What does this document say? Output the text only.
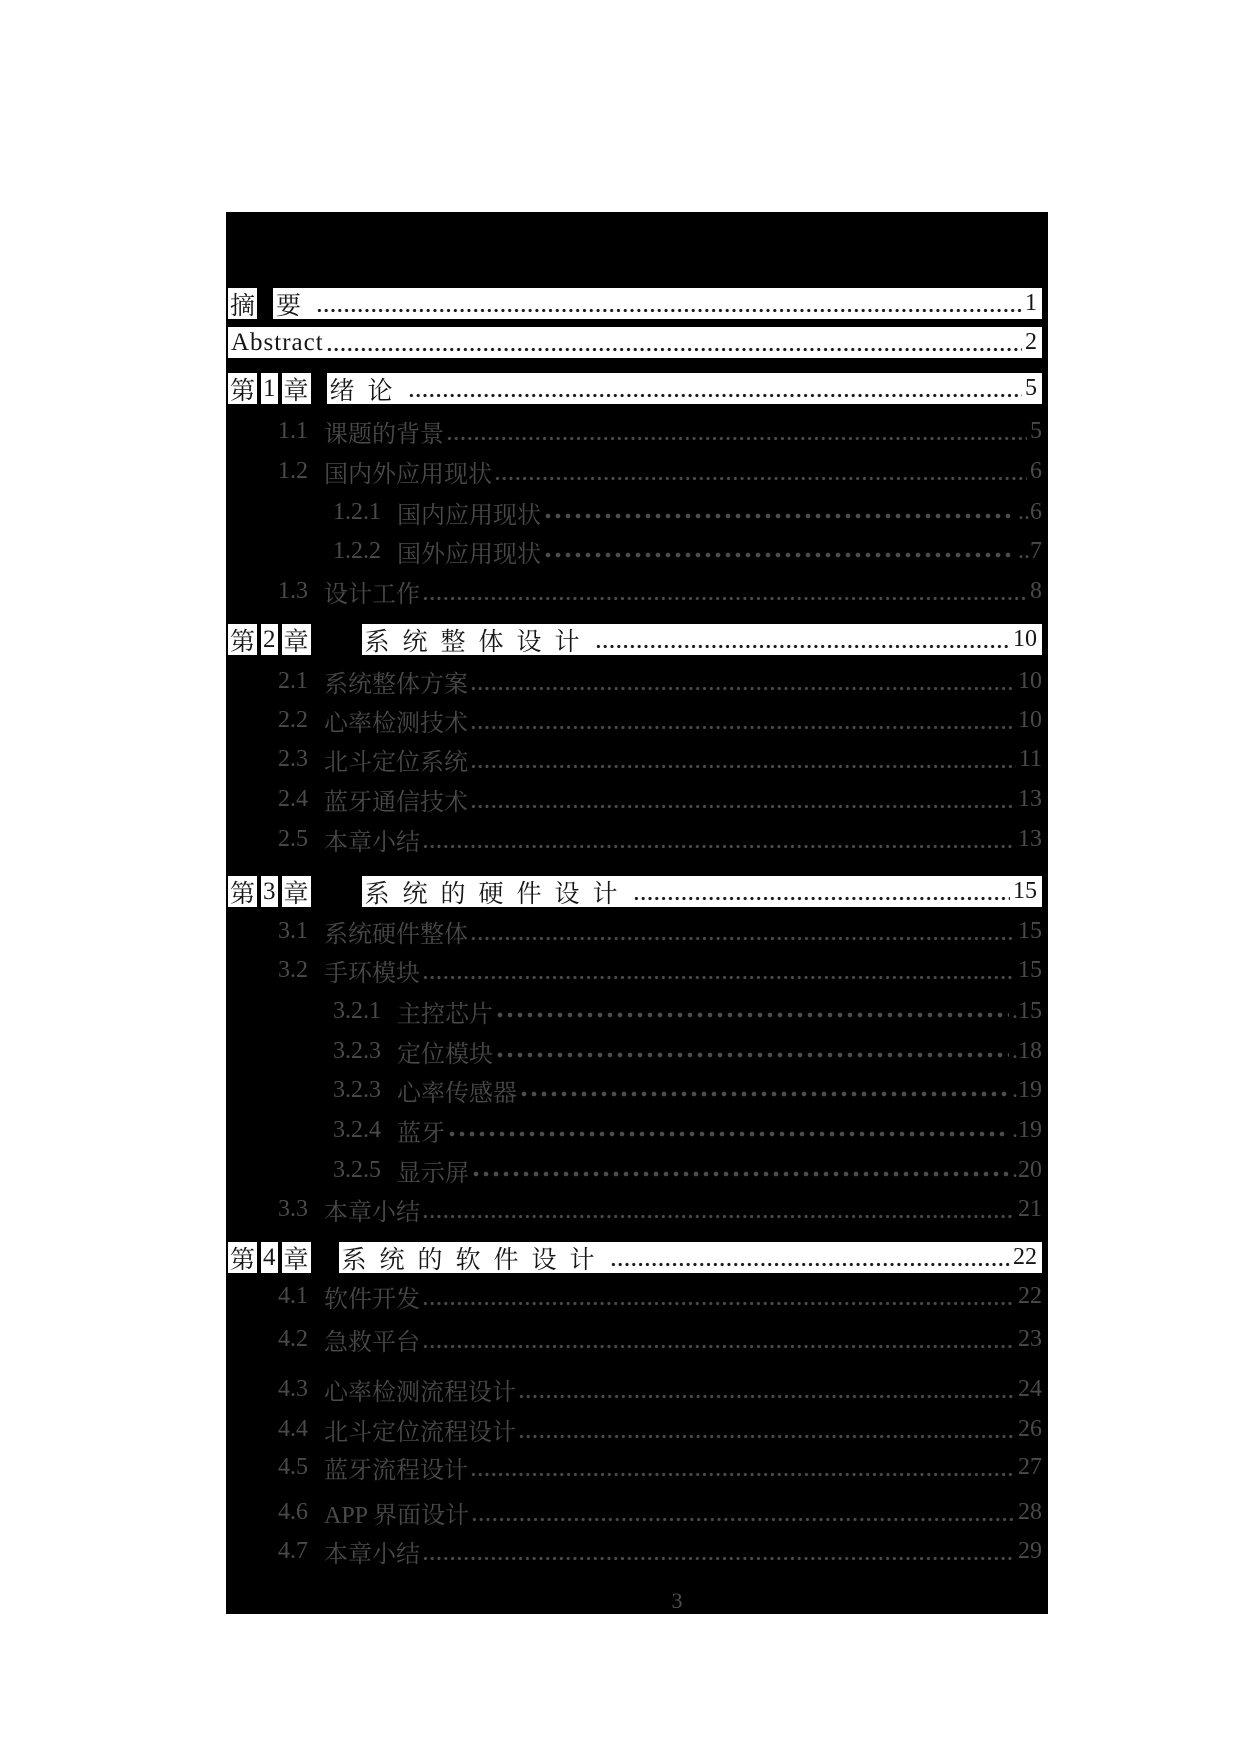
摘 要	1
Abstract	2
第 1 章 绪论	5
1.1 课题的背景	5
1.2 国内外应用现状	6
1.2.1 国内应用现状	..6
1.2.2 国外应用现状	..7
1.3 设计工作	8
第 2 章 系统整体设计	10
2.1 系统整体方案	10
2.2 心率检测技术	10
2.3 北斗定位系统	11
2.4 蓝牙通信技术	13
2.5 本章小结	13
第 3 章 系统的硬件设计	15
3.1 系统硬件整体	15
3.2 手环模块	15
3.2.1 主控芯片	.15
3.2.3 定位模块	.18
3.2.3 心率传感器	.19
3.2.4 蓝牙	.19
3.2.5 显示屏	.20
3.3 本章小结	21
第 4 章 系统的软件设计	22
4.1 软件开发	22
4.2 急救平台	23
4.3 心率检测流程设计	24
4.4 北斗定位流程设计	26
4.5 蓝牙流程设计	27
4.6 APP 界面设计	28
4.7 本章小结	29
3
